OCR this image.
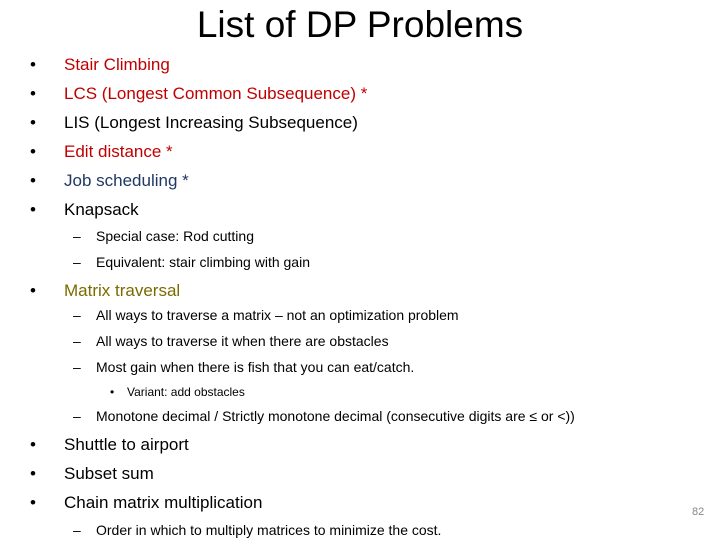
List of DP Problems
• Stair Climbing
• LCS (Longest Common Subsequence) *
• LIS (Longest Increasing Subsequence)
• Edit distance *
• Job scheduling *
• Knapsack
– Special case: Rod cutting
– Equivalent: stair climbing with gain
• Matrix traversal
– All ways to traverse a matrix – not an optimization problem
– All ways to traverse it when there are obstacles
– Most gain when there is fish that you can eat/catch.
• Variant: add obstacles
– Monotone decimal / Strictly monotone decimal (consecutive digits are ≤ or <))
• Shuttle to airport
• Subset sum
• Chain matrix multiplication
– Order in which to multiply matrices to minimize the cost.
82
